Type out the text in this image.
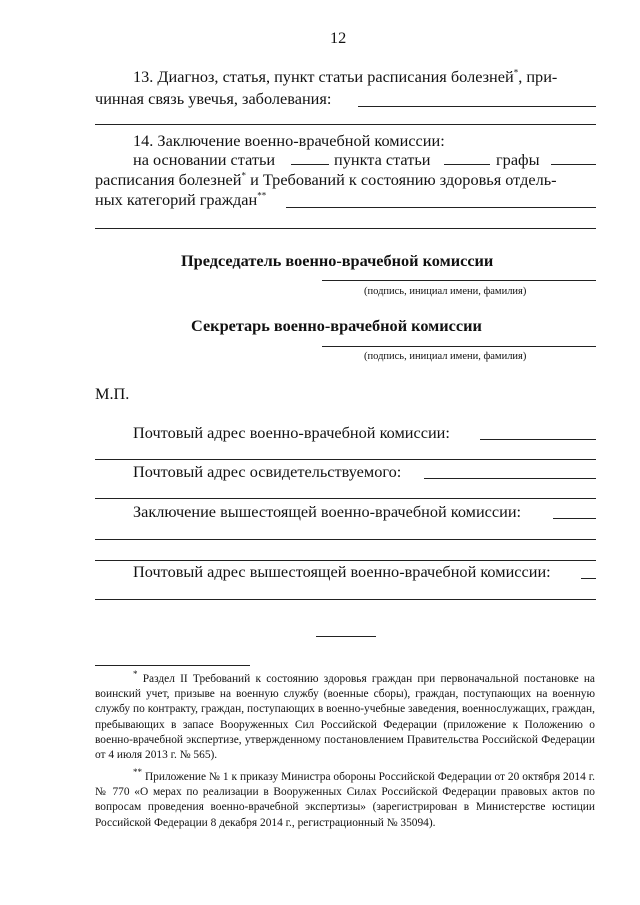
12
13. Диагноз, статья, пункт статьи расписания болезней*, при-
чинная связь увечья, заболевания:
14. Заключение военно-врачебной комиссии:
на основании статьи	пункта статьи	графы
расписания болезней* и Требований к состоянию здоровья отдель-
ных категорий граждан**
Председатель военно-врачебной комиссии
(подпись, инициал имени, фамилия)
Секретарь военно-врачебной комиссии
(подпись, инициал имени, фамилия)
М.П.
Почтовый адрес военно-врачебной комиссии:
Почтовый адрес освидетельствуемого:
Заключение вышестоящей военно-врачебной комиссии:
Почтовый адрес вышестоящей военно-врачебной комиссии:
* Раздел II Требований к состоянию здоровья граждан при первоначальной постановке на воинский учет, призыве на военную службу (военные сборы), граждан, поступающих на военную службу по контракту, граждан, поступающих в военно-учебные заведения, военнослужащих, граждан, пребывающих в запасе Вооруженных Сил Российской Федерации (приложение к Положению о военно-врачебной экспертизе, утвержденному постановлением Правительства Российской Федерации от 4 июля 2013 г. № 565).
** Приложение № 1 к приказу Министра обороны Российской Федерации от 20 октября 2014 г. № 770 «О мерах по реализации в Вооруженных Силах Российской Федерации правовых актов по вопросам проведения военно-врачебной экспертизы» (зарегистрирован в Министерстве юстиции Российской Федерации 8 декабря 2014 г., регистрационный № 35094).
